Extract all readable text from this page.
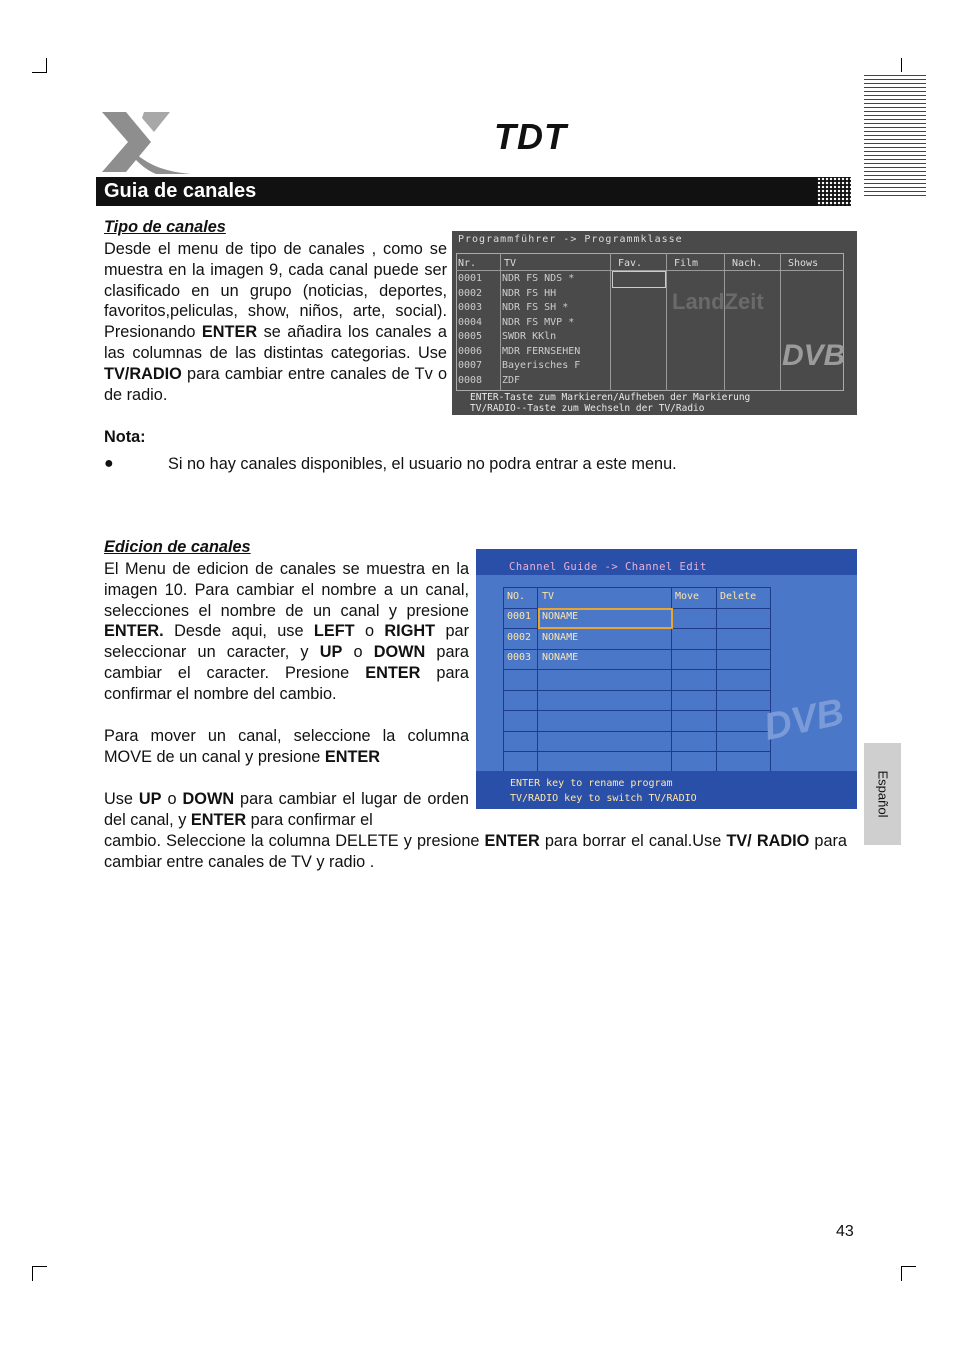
TDT
Guia de canales
Tipo de canales
Desde el menu de tipo de canales , como se muestra en la imagen 9, cada canal puede ser clasificado en un grupo (noticias, deportes, favoritos,peliculas, show, niños, arte, social). Presionando ENTER se añadira los canales a las columnas de las distintas categorias. Use TV/RADIO para cambiar entre canales de Tv o de radio.
Nota:
●	Si no hay canales disponibles, el usuario no podra entrar a este menu.
Programmführer -> Programmklasse
Nr.	TV	Fav.	Film	Nach.	Shows
0001 NDR FS NDS *
0002 NDR FS HH
0003 NDR FS SH *
0004 NDR FS MVP *
0005 SWDR KKln
0006 MDR FERNSEHEN
0007 Bayerisches F
0008 ZDF
LandZeit
DVB
ENTER-Taste zum Markieren/Aufheben der Markierung
TV/RADIO--Taste zum Wechseln der TV/Radio
Edicion de canales
El Menu de edicion de canales se muestra en la imagen 10. Para cambiar el nombre a un canal, selecciones el nombre de un canal y presione ENTER. Desde aqui, use LEFT o RIGHT par seleccionar un caracter, y UP o DOWN para cambiar el caracter. Presione ENTER para confirmar el nombre del cambio.
Para mover un canal, seleccione la columna MOVE de un canal y presione ENTER
Use UP o DOWN para cambiar el lugar de orden del canal, y ENTER para confirmar el
cambio. Seleccione la columna DELETE y presione ENTER para borrar el canal.Use TV/ RADIO para cambiar entre canales de TV y radio .
Channel Guide -> Channel Edit
NO. TV	Move Delete
0001 NONAME
0002 NONAME
0003 NONAME
DVB
ENTER key to rename program
TV/RADIO key to switch TV/RADIO	Español
43
